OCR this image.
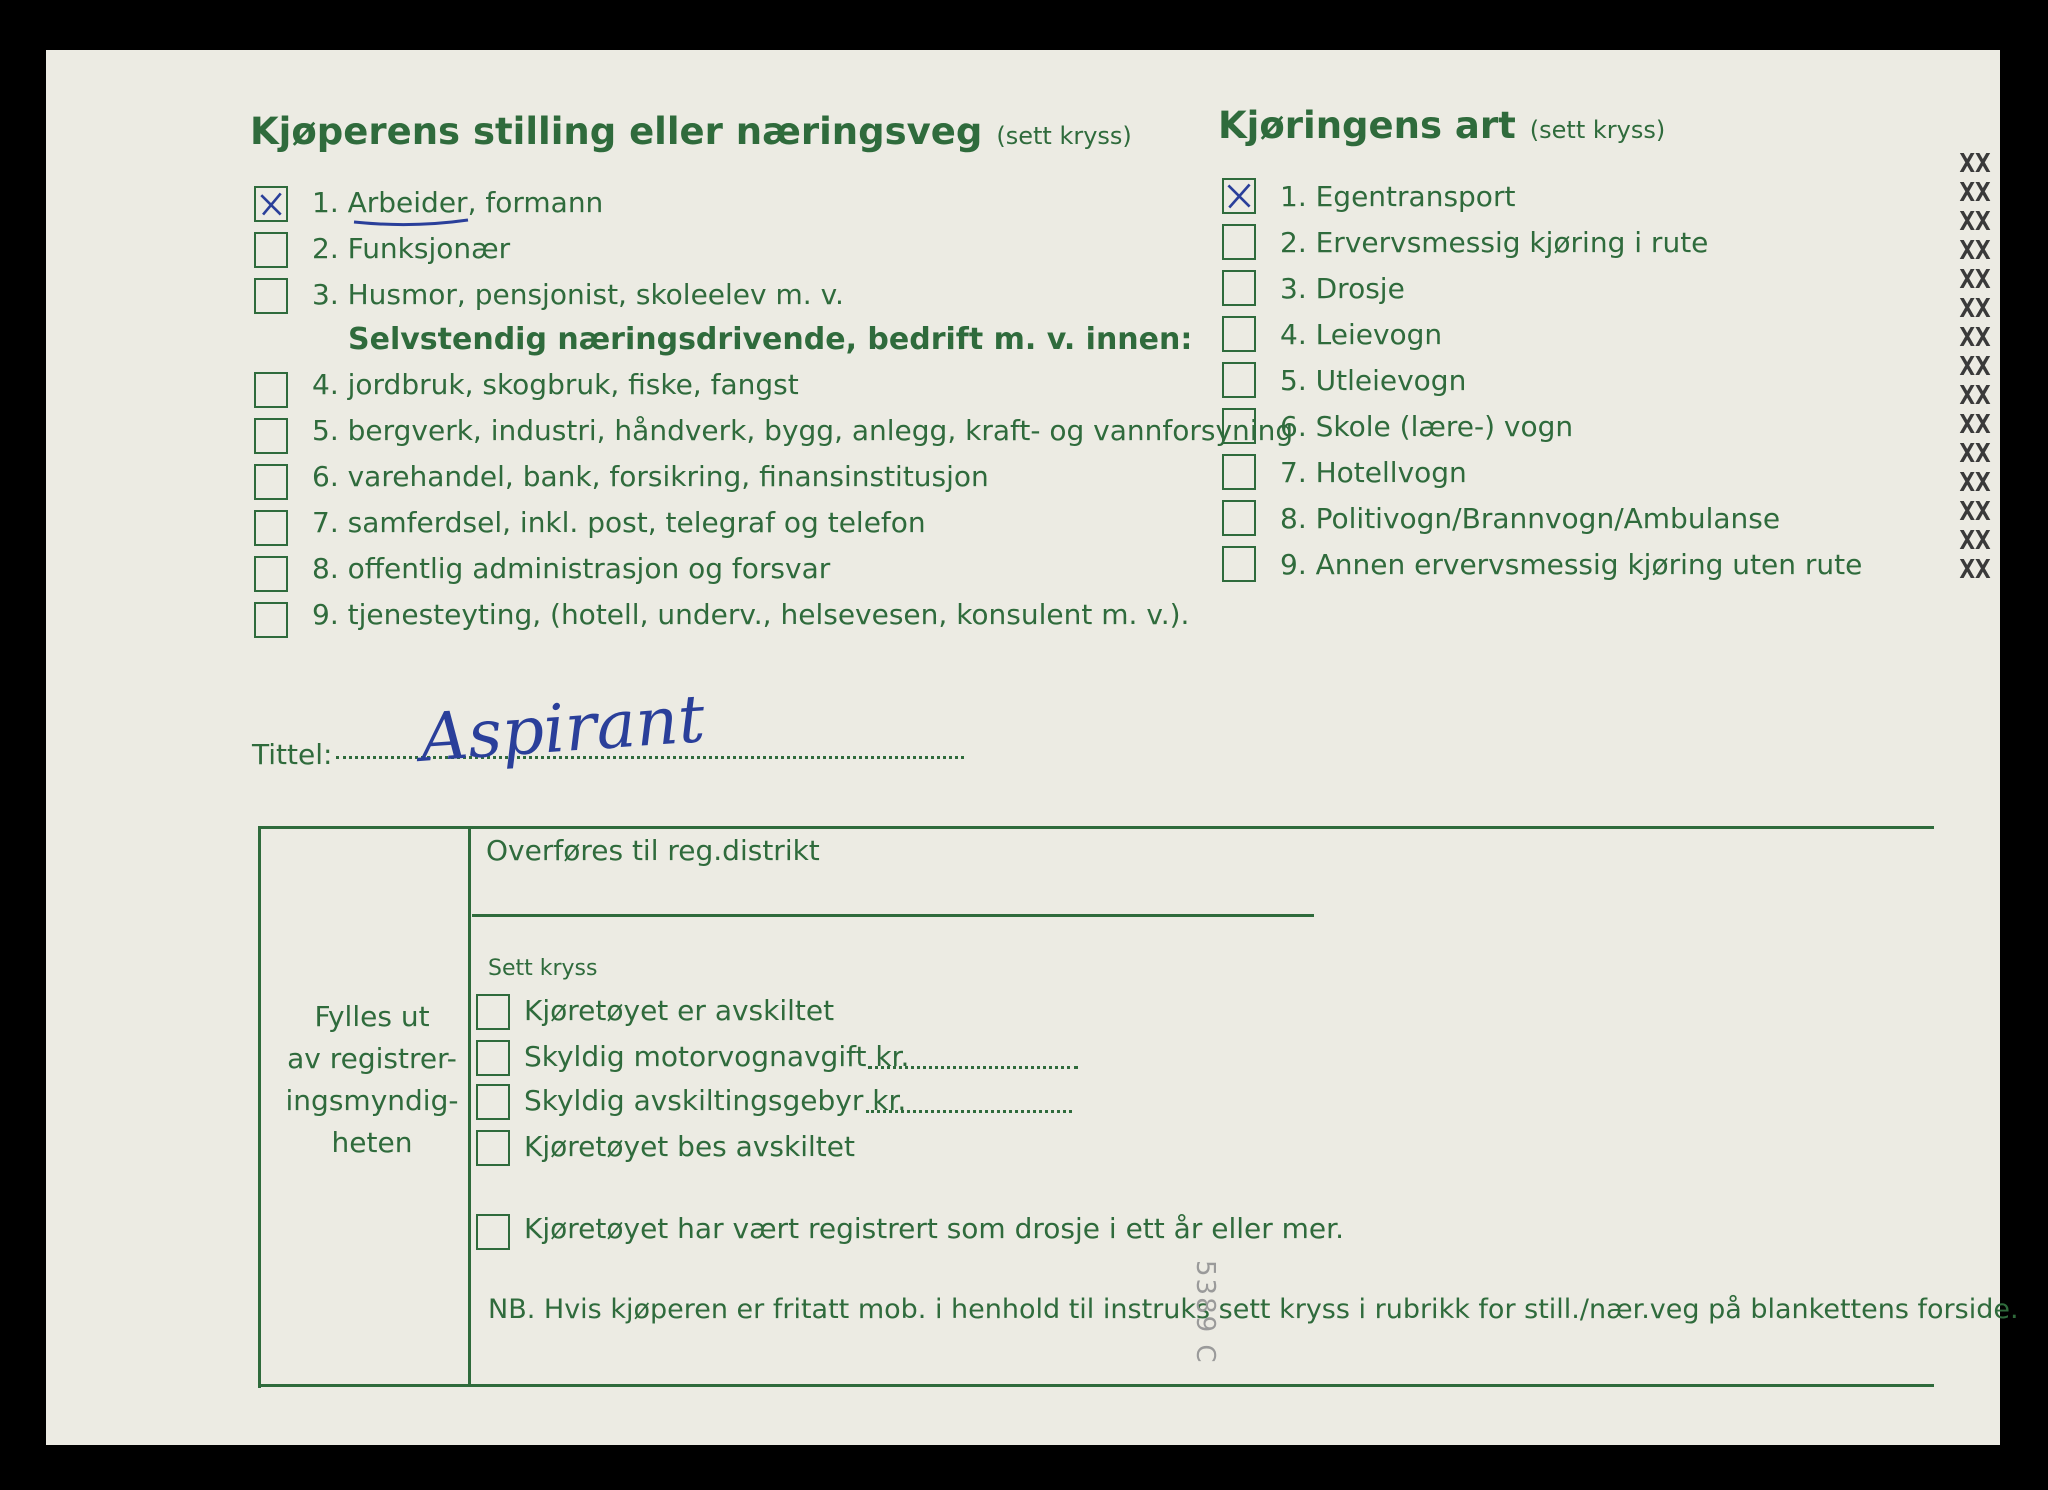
Kjøperens stilling eller næringsveg (sett kryss)
1. Arbeider, formann
2. Funksjonær
3. Husmor, pensjonist, skoleelev m. v.
Selvstendig næringsdrivende, bedrift m. v. innen:
4. jordbruk, skogbruk, fiske, fangst
5. bergverk, industri, håndverk, bygg, anlegg, kraft- og vannforsyning
6. varehandel, bank, forsikring, finansinstitusjon
7. samferdsel, inkl. post, telegraf og telefon
8. offentlig administrasjon og forsvar
9. tjenesteyting, (hotell, underv., helsevesen, konsulent m. v.).
Tittel: Aspirant
Kjøringens art (sett kryss)
1. Egentransport
2. Ervervsmessig kjøring i rute
3. Drosje
4. Leievogn
5. Utleievogn
6. Skole (lære-) vogn
7. Hotellvogn
8. Politivogn/Brannvogn/Ambulanse
9. Annen ervervsmessig kjøring uten rute
XXXXXXXXXXXXXXXXXXXXXXXXXXXXXX
Fylles ut
av registrer-
ingsmyndig-
heten
Overføres til reg.distrikt
Sett kryss
Kjøretøyet er avskiltet
Skyldig motorvognavgift kr.
Skyldig avskiltingsgebyr kr.
Kjøretøyet bes avskiltet
Kjøretøyet har vært registrert som drosje i ett år eller mer.
NB. Hvis kjøperen er fritatt mob. i henhold til instruks sett kryss i rubrikk for still./nær.veg på blankettens forside.
5389 C
